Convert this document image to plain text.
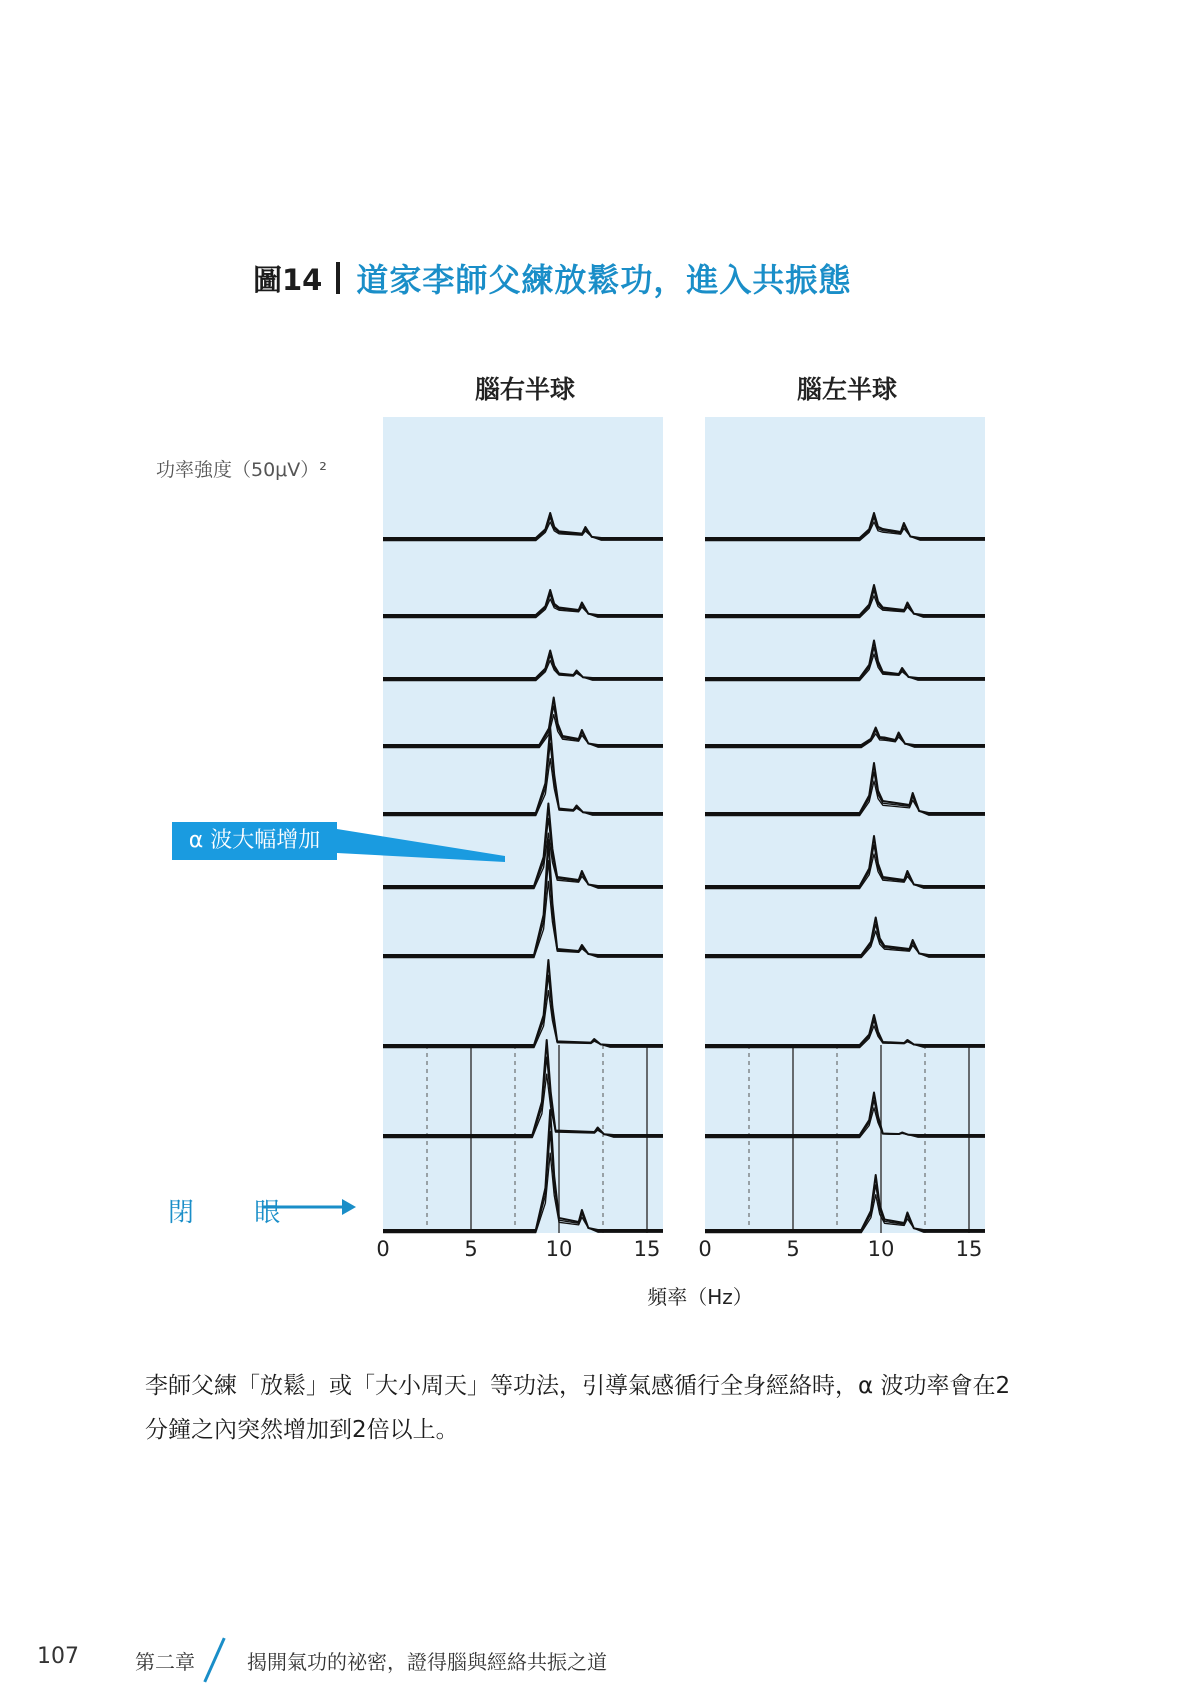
圖14 道家李師父練放鬆功，進入共振態
腦右半球	腦左半球
功率強度（50μV）²
0	5	10	15	0	5	10	15
頻率（Hz）
α 波大幅增加
閉 眼
李師父練「放鬆」或「大小周天」等功法，引導氣感循行全身經絡時，α 波功率會在2分鐘之內突然增加到2倍以上。
107	第二章	揭開氣功的祕密，證得腦與經絡共振之道
